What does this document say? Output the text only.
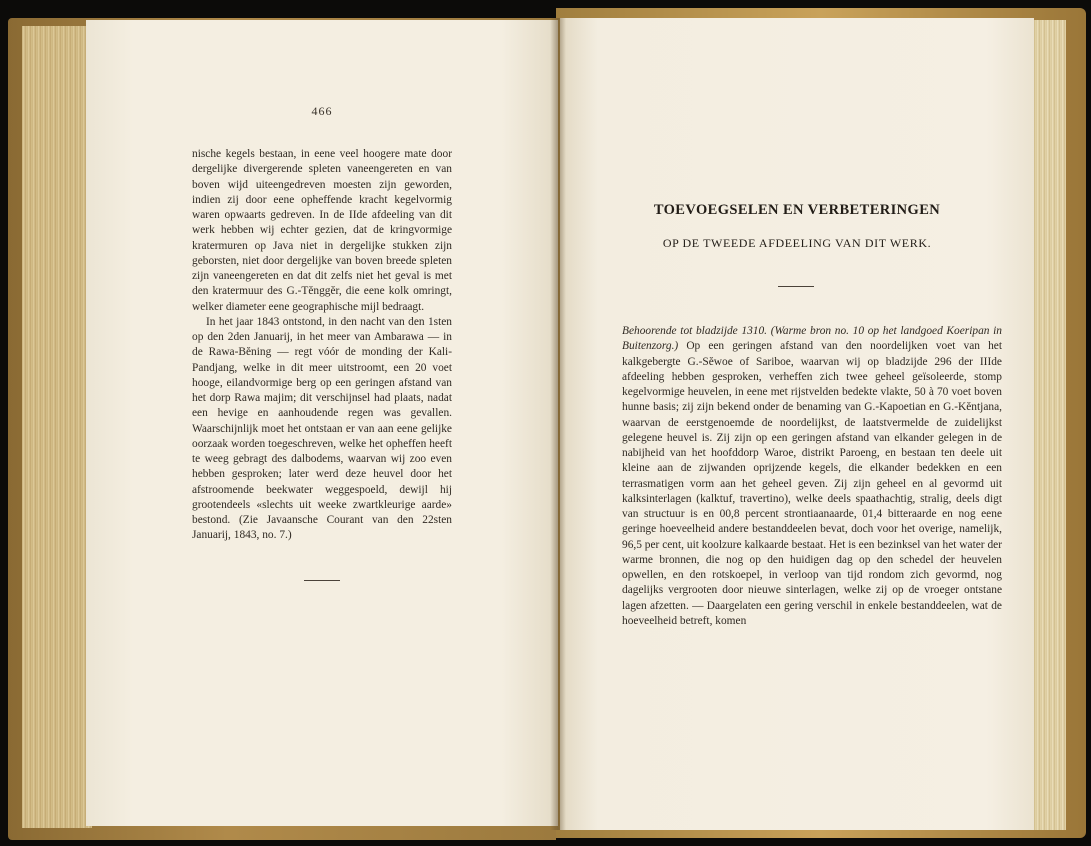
466

nische kegels bestaan, in eene veel hoogere mate door dergelijke divergerende spleten vaneengereten en van boven wijd uiteengedreven moesten zijn geworden, indien zij door eene opheffende kracht kegelvormig waren opwaarts gedreven. In de IIde afdeeling van dit werk hebben wij echter gezien, dat de kringvormige kratermuren op Java niet in dergelijke stukken zijn geborsten, niet door dergelijke van boven breede spleten zijn vaneengereten en dat dit zelfs niet het geval is met den kratermuur des G.-Tĕnggĕr, die eene kolk omringt, welker diameter eene geographische mijl bedraagt.

In het jaar 1843 ontstond, in den nacht van den 1sten op den 2den Januarij, in het meer van Ambarawa — in de Rawa-Bĕning — regt vóór de monding der Kali-Pandjang, welke in dit meer uitstroomt, een 20 voet hooge, eilandvormige berg op een geringen afstand van het dorp Rawa majim; dit verschijnsel had plaats, nadat een hevige en aanhoudende regen was gevallen. Waarschijnlijk moet het ontstaan er van aan eene gelijke oorzaak worden toegeschreven, welke het opheffen heeft te weeg gebragt des dalbodems, waarvan wij zoo even hebben gesproken; later werd deze heuvel door het afstroomende beekwater weggespoeld, dewijl hij grootendeels «slechts uit weeke zwartkleurige aarde» bestond. (Zie Javaansche Courant van den 22sten Januarij, 1843, no. 7.)

TOEVOEGSELEN EN VERBETERINGEN
OP DE TWEEDE AFDEELING VAN DIT WERK.

Behoorende tot bladzijde 1310. (Warme bron no. 10 op het landgoed Koeripan in Buitenzorg.) Op een geringen afstand van den noordelijken voet van het kalkgebergte G.-Sĕwoe of Sariboe, waarvan wij op bladzijde 296 der IIIde afdeeling hebben gesproken, verheffen zich twee geheel geïsoleerde, stomp kegelvormige heuvelen, in eene met rijstvelden bedekte vlakte, 50 à 70 voet boven hunne basis; zij zijn bekend onder de benaming van G.-Kapoetian en G.-Kĕntjana, waarvan de eerstgenoemde de noordelijkst, de laatstvermelde de zuidelijkst gelegene heuvel is. Zij zijn op een geringen afstand van elkander gelegen in de nabijheid van het hoofddorp Waroe, distrikt Paroeng, en bestaan ten deele uit kleine aan de zijwanden oprijzende kegels, die elkander bedekken en een terrasmatigen vorm aan het geheel geven. Zij zijn geheel en al gevormd uit kalksinterlagen (kalktuf, travertino), welke deels spaathachtig, stralig, deels digt van structuur is en 00,8 percent strontiaanaarde, 01,4 bitteraarde en nog eene geringe hoeveelheid andere bestanddeelen bevat, doch voor het overige, namelijk, 96,5 per cent, uit koolzure kalkaarde bestaat. Het is een bezinksel van het water der warme bronnen, die nog op den huidigen dag op den schedel der heuvelen opwellen, en den rotskoepel, in verloop van tijd rondom zich gevormd, nog dagelijks vergrooten door nieuwe sinterlagen, welke zij op de vroeger ontstane lagen afzetten. — Daargelaten een gering verschil in enkele bestanddeelen, wat de hoeveelheid betreft, komen
